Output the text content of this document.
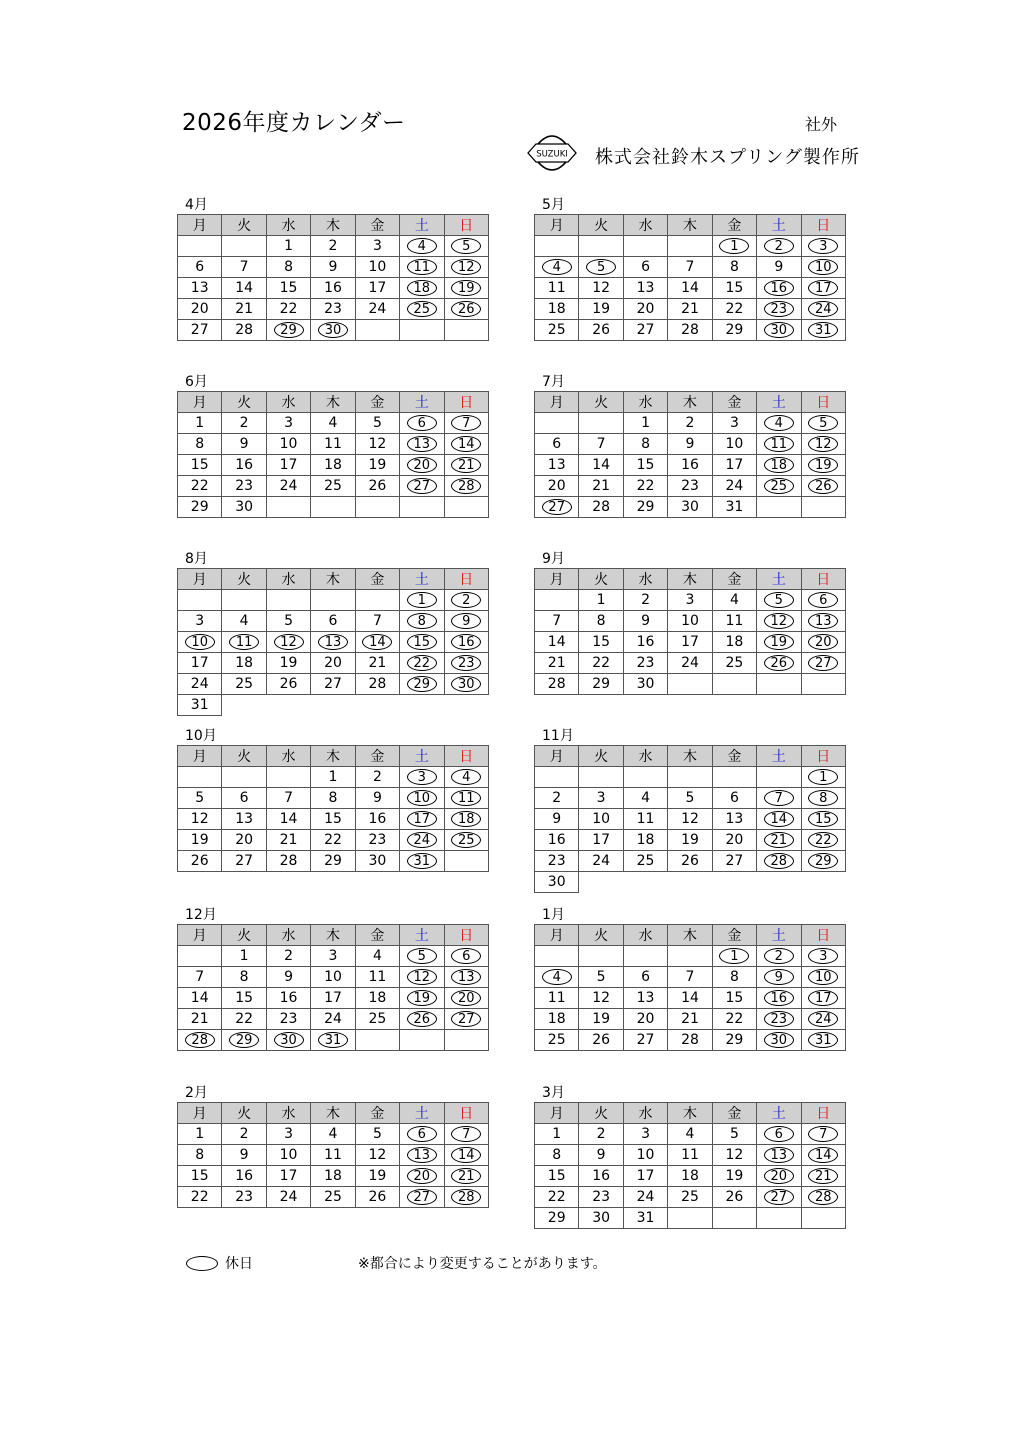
2026年度カレンダー	社外
SUZUKI 株式会社鈴木スプリング製作所
4月
月	火	水	木	金	土	日
		1	2	3	4	5
6	7	8	9	10	11	12
13	14	15	16	17	18	19
20	21	22	23	24	25	26
27	28	29	30			
5月
月	火	水	木	金	土	日
				1	2	3
4	5	6	7	8	9	10
11	12	13	14	15	16	17
18	19	20	21	22	23	24
25	26	27	28	29	30	31
6月
月	火	水	木	金	土	日
1	2	3	4	5	6	7
8	9	10	11	12	13	14
15	16	17	18	19	20	21
22	23	24	25	26	27	28
29	30					
7月
月	火	水	木	金	土	日
		1	2	3	4	5
6	7	8	9	10	11	12
13	14	15	16	17	18	19
20	21	22	23	24	25	26
27	28	29	30	31		
8月
月	火	水	木	金	土	日
					1	2
3	4	5	6	7	8	9
10	11	12	13	14	15	16
17	18	19	20	21	22	23
24	25	26	27	28	29	30
31						
9月
月	火	水	木	金	土	日
	1	2	3	4	5	6
7	8	9	10	11	12	13
14	15	16	17	18	19	20
21	22	23	24	25	26	27
28	29	30				
10月
月	火	水	木	金	土	日
			1	2	3	4
5	6	7	8	9	10	11
12	13	14	15	16	17	18
19	20	21	22	23	24	25
26	27	28	29	30	31	
11月
月	火	水	木	金	土	日
						1
2	3	4	5	6	7	8
9	10	11	12	13	14	15
16	17	18	19	20	21	22
23	24	25	26	27	28	29
30						
12月
月	火	水	木	金	土	日
	1	2	3	4	5	6
7	8	9	10	11	12	13
14	15	16	17	18	19	20
21	22	23	24	25	26	27
28	29	30	31			
1月
月	火	水	木	金	土	日
				1	2	3
4	5	6	7	8	9	10
11	12	13	14	15	16	17
18	19	20	21	22	23	24
25	26	27	28	29	30	31
2月
月	火	水	木	金	土	日
1	2	3	4	5	6	7
8	9	10	11	12	13	14
15	16	17	18	19	20	21
22	23	24	25	26	27	28
3月
月	火	水	木	金	土	日
1	2	3	4	5	6	7
8	9	10	11	12	13	14
15	16	17	18	19	20	21
22	23	24	25	26	27	28
29	30	31				
休日	※都合により変更することがあります。
